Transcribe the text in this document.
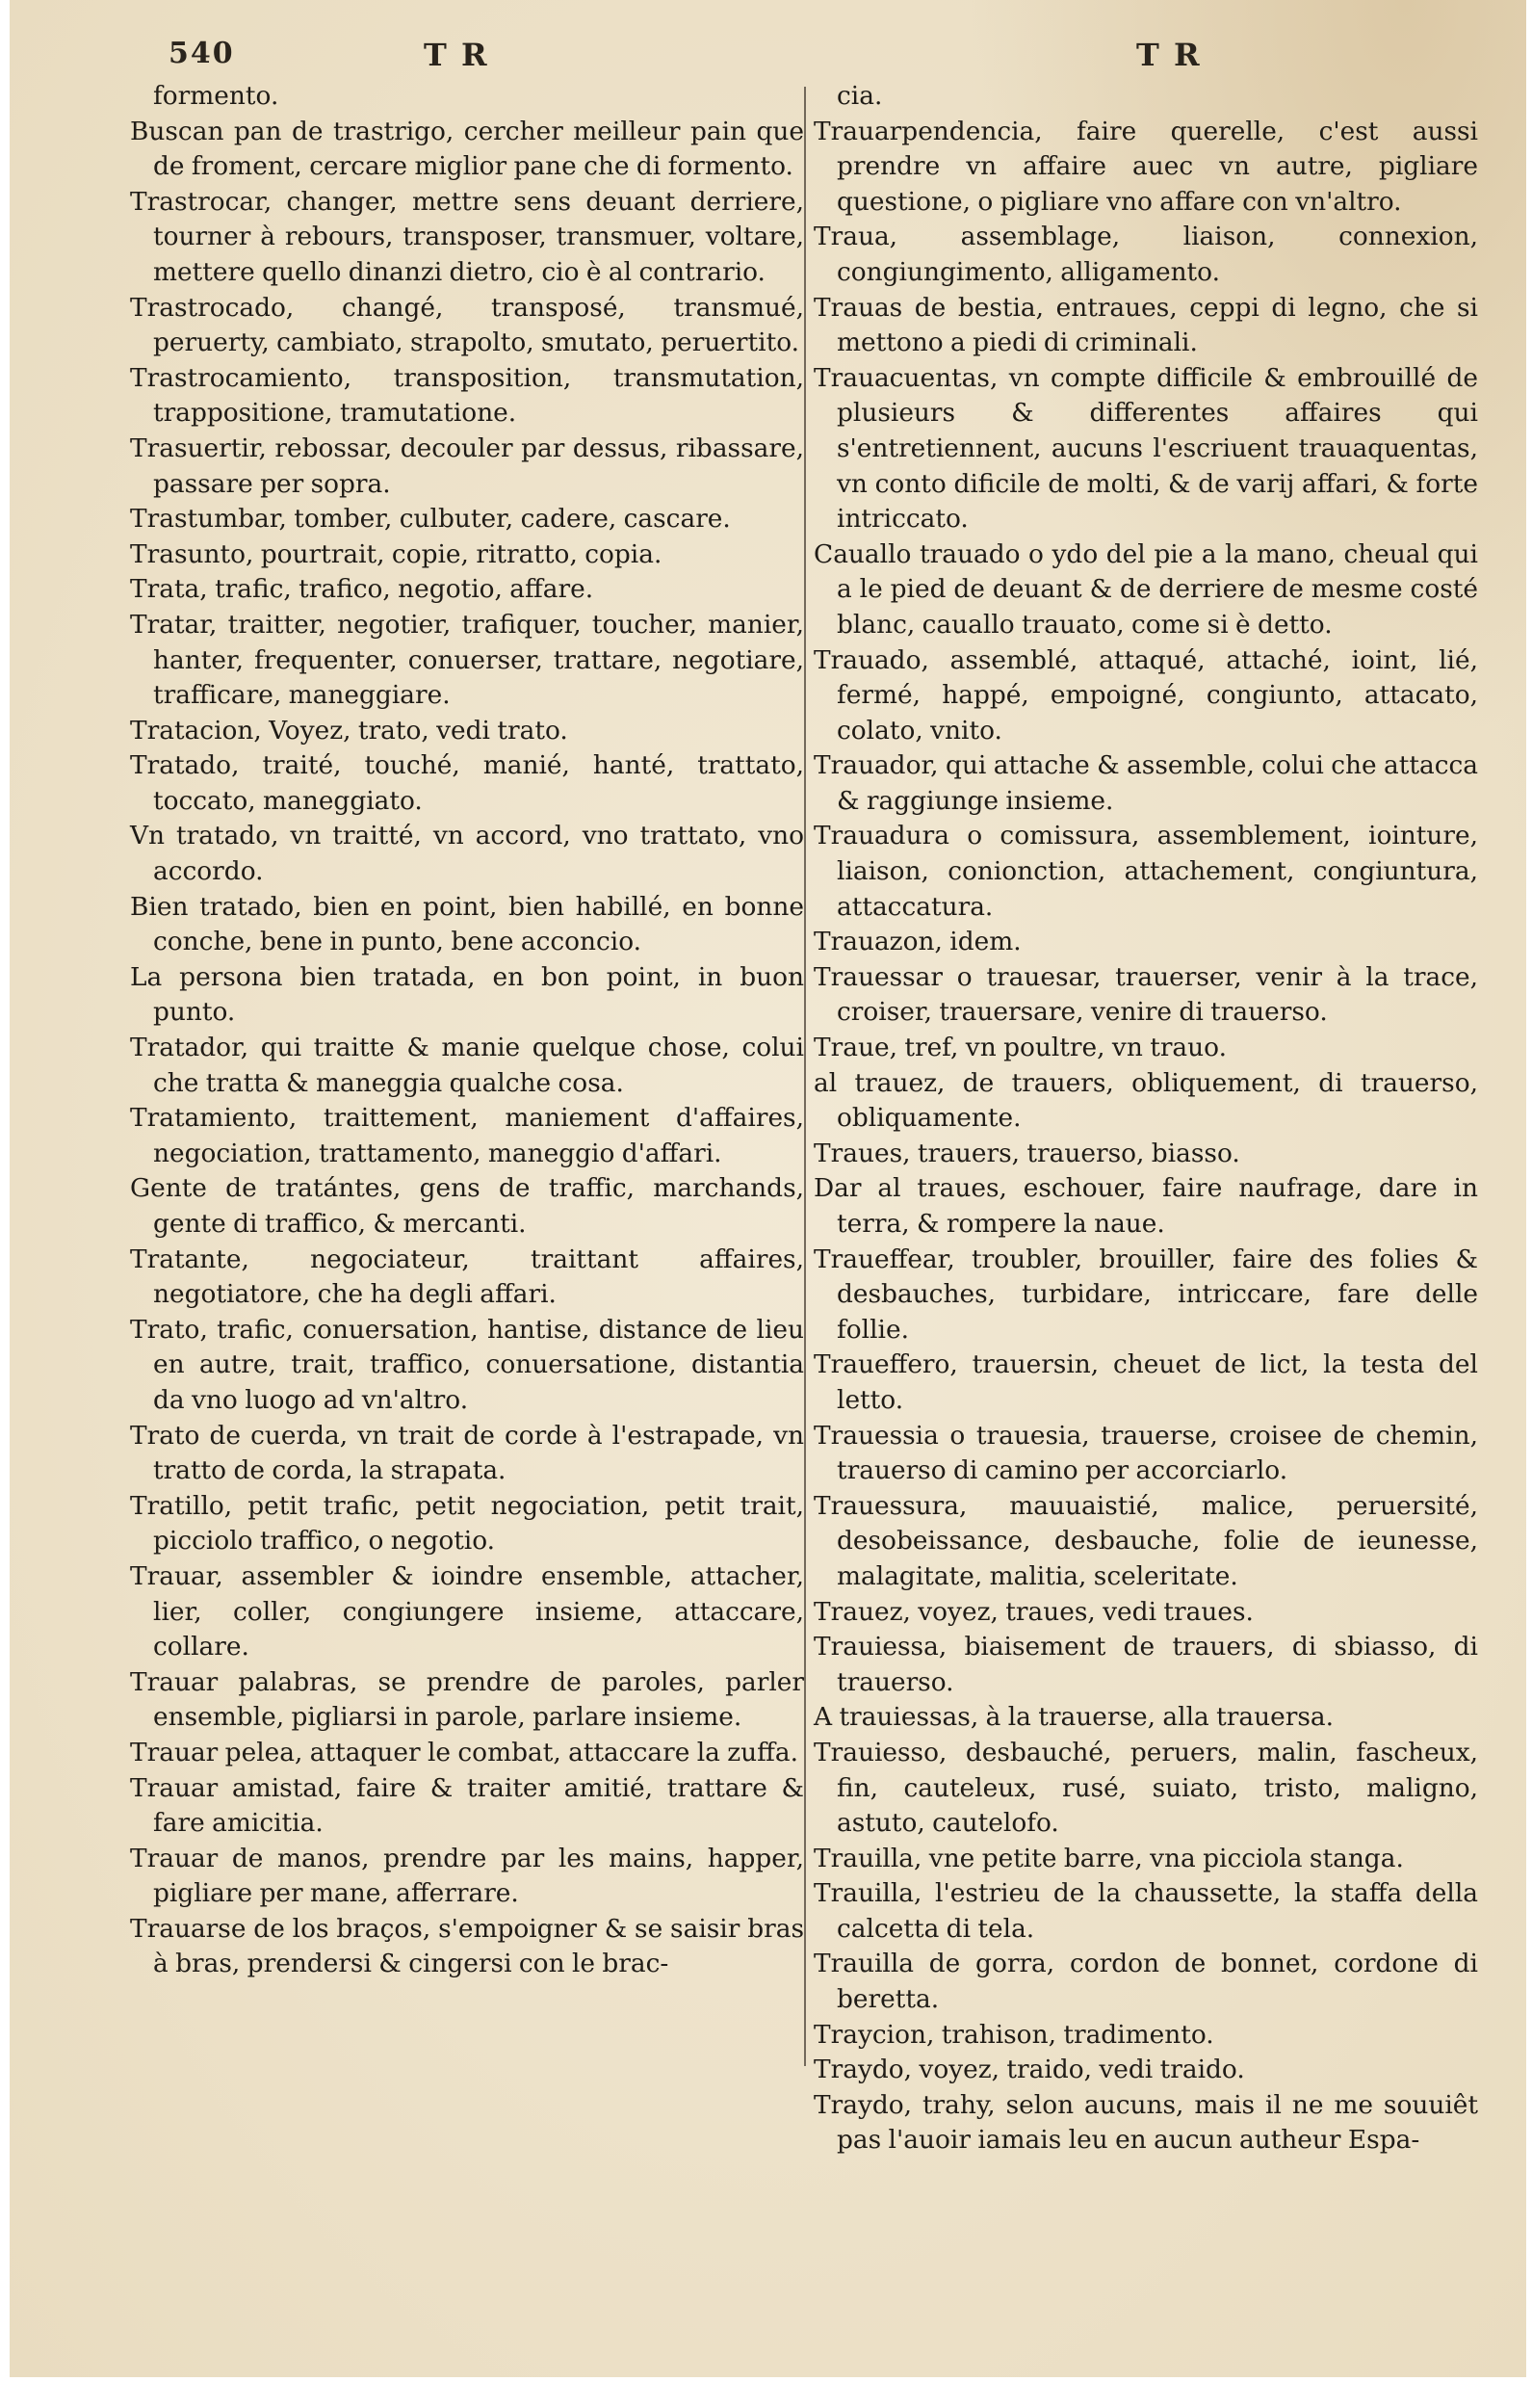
540	T R	T R

formento.

Buscan pan de trastrigo, cercher meilleur pain que de froment, cercare miglior pane che di formento.

Trastrocar, changer, mettre sens deuant derriere, tourner à rebours, transposer, transmuer, voltare, mettere quello dinanzi dietro, cio è al contrario.

Trastrocado, changé, transposé, transmué, peruerty, cambiato, strapolto, smutato, peruertito.

Trastrocamiento, transposition, transmutation, trappositione, tramutatione.

Trasuertir, rebossar, decouler par dessus, ribassare, passare per sopra.

Trastumbar, tomber, culbuter, cadere, cascare.

Trasunto, pourtrait, copie, ritratto, copia.

Trata, trafic, trafico, negotio, affare.

Tratar, traitter, negotier, trafiquer, toucher, manier, hanter, frequenter, conuerser, trattare, negotiare, trafficare, maneggiare.

Tratacion, Voyez, trato, vedi trato.

Tratado, traité, touché, manié, hanté, trattato, toccato, maneggiato.

Vn tratado, vn traitté, vn accord, vno trattato, vno accordo.

Bien tratado, bien en point, bien habillé, en bonne conche, bene in punto, bene acconcio.

La persona bien tratada, en bon point, in buon punto.

Tratador, qui traitte & manie quelque chose, colui che tratta & maneggia qualche cosa.

Tratamiento, traittement, maniement d'affaires, negociation, trattamento, maneggio d'affari.

Gente de tratántes, gens de traffic, marchands, gente di traffico, & mercanti.

Tratante, negociateur, traittant affaires, negotiatore, che ha degli affari.

Trato, trafic, conuersation, hantise, distance de lieu en autre, trait, traffico, conuersatione, distantia da vno luogo ad vn'altro.

Trato de cuerda, vn trait de corde à l'estrapade, vn tratto de corda, la strapata.

Tratillo, petit trafic, petit negociation, petit trait, picciolo traffico, o negotio.

Trauar, assembler & ioindre ensemble, attacher, lier, coller, congiungere insieme, attaccare, collare.

Trauar palabras, se prendre de paroles, parler ensemble, pigliarsi in parole, parlare insieme.

Trauar pelea, attaquer le combat, attaccare la zuffa.

Trauar amistad, faire & traiter amitié, trattare & fare amicitia.

Trauar de manos, prendre par les mains, happer, pigliare per mane, afferrare.

Trauarse de los braços, s'empoigner & se saisir bras à bras, prendersi & cingersi con le brac-

cia.

Trauarpendencia, faire querelle, c'est aussi prendre vn affaire auec vn autre, pigliare questione, o pigliare vno affare con vn'altro.

Traua, assemblage, liaison, connexion, congiungimento, alligamento.

Trauas de bestia, entraues, ceppi di legno, che si mettono a piedi di criminali.

Trauacuentas, vn compte difficile & embrouillé de plusieurs & differentes affaires qui s'entretiennent, aucuns l'escriuent trauaquentas, vn conto dificile de molti, & de varij affari, & forte intriccato.

Cauallo trauado o ydo del pie a la mano, cheual qui a le pied de deuant & de derriere de mesme costé blanc, cauallo trauato, come si è detto.

Trauado, assemblé, attaqué, attaché, ioint, lié, fermé, happé, empoigné, congiunto, attacato, colato, vnito.

Trauador, qui attache & assemble, colui che attacca & raggiunge insieme.

Trauadura o comissura, assemblement, iointure, liaison, conionction, attachement, congiuntura, attaccatura.

Trauazon, idem.

Trauessar o trauesar, trauerser, venir à la trace, croiser, trauersare, venire di trauerso.

Traue, tref, vn poultre, vn trauo.

al trauez, de trauers, obliquement, di trauerso, obliquamente.

Traues, trauers, trauerso, biasso.

Dar al traues, eschouer, faire naufrage, dare in terra, & rompere la naue.

Traueffear, troubler, brouiller, faire des folies & desbauches, turbidare, intriccare, fare delle follie.

Traueffero, trauersin, cheuet de lict, la testa del letto.

Trauessia o trauesia, trauerse, croisee de chemin, trauerso di camino per accorciarlo.

Trauessura, mauuaistié, malice, peruersité, desobeissance, desbauche, folie de ieunesse, malagitate, malitia, sceleritate.

Trauez, voyez, traues, vedi traues.

Trauiessa, biaisement de trauers, di sbiasso, di trauerso.

A trauiessas, à la trauerse, alla trauersa.

Trauiesso, desbauché, peruers, malin, fascheux, fin, cauteleux, rusé, suiato, tristo, maligno, astuto, cautelofo.

Trauilla, vne petite barre, vna picciola stanga.

Trauilla, l'estrieu de la chaussette, la staffa della calcetta di tela.

Trauilla de gorra, cordon de bonnet, cordone di beretta.

Traycion, trahison, tradimento.

Traydo, voyez, traido, vedi traido.

Traydo, trahy, selon aucuns, mais il ne me souuiêt pas l'auoir iamais leu en aucun autheur Espa-
